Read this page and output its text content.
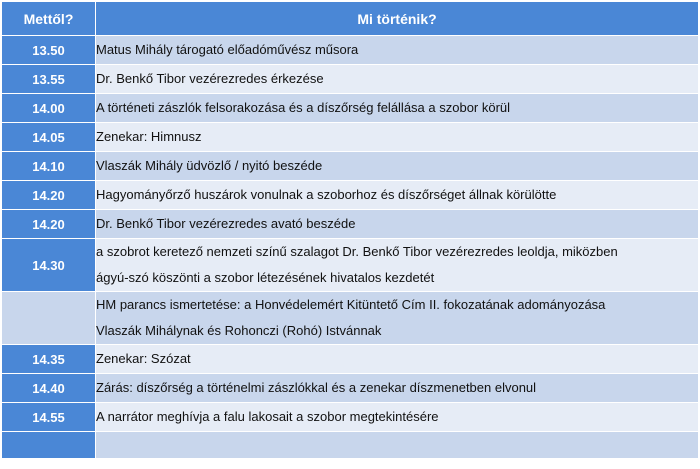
Mettől?	Mi történik?
13.50	Matus Mihály tárogató előadóművész műsora
13.55	Dr. Benkő Tibor vezérezredes érkezése
14.00	A történeti zászlók felsorakozása és a díszőrség felállása a szobor körül
14.05	Zenekar: Himnusz
14.10	Vlaszák Mihály üdvözlő / nyitó beszéde
14.20	Hagyományőrző huszárok vonulnak a szoborhoz és díszőrséget állnak körülötte
14.20	Dr. Benkő Tibor vezérezredes avató beszéde
14.30	a szobrot keretező nemzeti színű szalagot Dr. Benkő Tibor vezérezredes leoldja, miközben
ágyú-szó köszönti a szobor létezésének hivatalos kezdetét

	HM parancs ismertetése: a Honvédelemért Kitüntető Cím II. fokozatának adományozása
Vlaszák Mihálynak és Rohonczi (Rohó) Istvánnak

14.35	Zenekar: Szózat
14.40	Zárás: díszőrség a történelmi zászlókkal és a zenekar díszmenetben elvonul
14.55	A narrátor meghívja a falu lakosait a szobor megtekintésére
